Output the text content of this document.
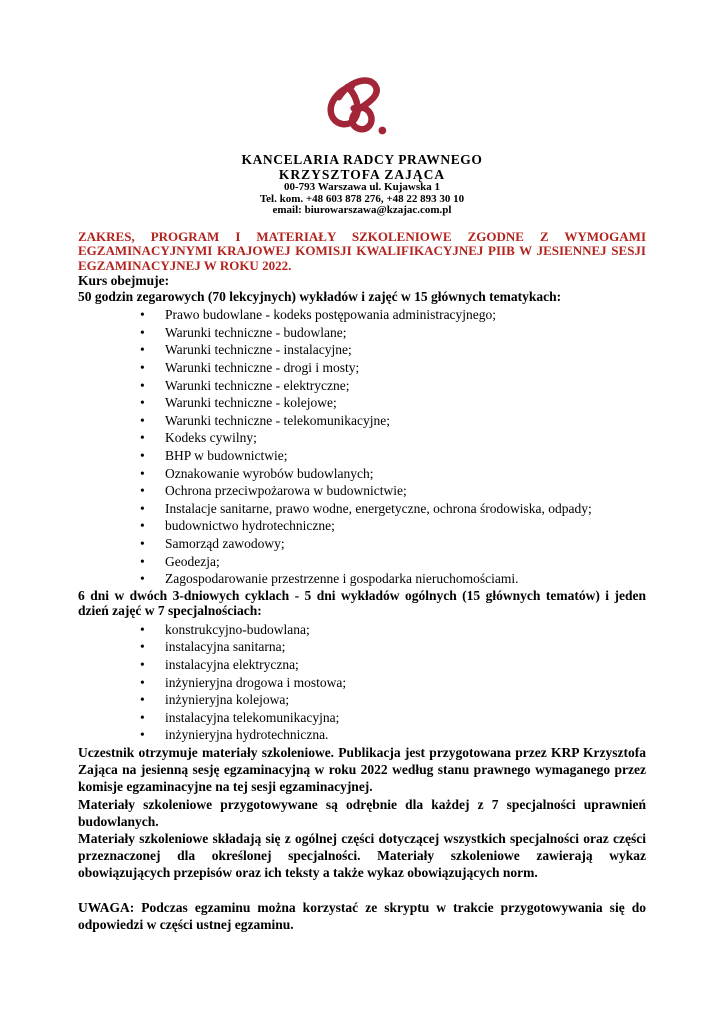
KANCELARIA RADCY PRAWNEGO
KRZYSZTOFA ZAJĄCA
00-793 Warszawa ul. Kujawska 1
Tel. kom. +48 603 878 276, +48 22 893 30 10
email: biurowarszawa@kzajac.com.pl

ZAKRES, PROGRAM I MATERIAŁY SZKOLENIOWE ZGODNE Z WYMOGAMI EGZAMINACYJNYMI KRAJOWEJ KOMISJI KWALIFIKACYJNEJ PIIB W JESIENNEJ SESJI EGZAMINACYJNEJ W ROKU 2022.

Kurs obejmuje:

50 godzin zegarowych (70 lekcyjnych) wykładów i zajęć w 15 głównych tematykach:

• Prawo budowlane - kodeks postępowania administracyjnego;
• Warunki techniczne - budowlane;
• Warunki techniczne - instalacyjne;
• Warunki techniczne - drogi i mosty;
• Warunki techniczne - elektryczne;
• Warunki techniczne - kolejowe;
• Warunki techniczne - telekomunikacyjne;
• Kodeks cywilny;
• BHP w budownictwie;
• Oznakowanie wyrobów budowlanych;
• Ochrona przeciwpożarowa w budownictwie;
• Instalacje sanitarne, prawo wodne, energetyczne, ochrona środowiska, odpady;
• budownictwo hydrotechniczne;
• Samorząd zawodowy;
• Geodezja;
• Zagospodarowanie przestrzenne i gospodarka nieruchomościami.

6 dni w dwóch 3-dniowych cyklach - 5 dni wykładów ogólnych (15 głównych tematów) i jeden dzień zajęć w 7 specjalnościach:

• konstrukcyjno-budowlana;
• instalacyjna sanitarna;
• instalacyjna elektryczna;
• inżynieryjna drogowa i mostowa;
• inżynieryjna kolejowa;
• instalacyjna telekomunikacyjna;
• inżynieryjna hydrotechniczna.

Uczestnik otrzymuje materiały szkoleniowe. Publikacja jest przygotowana przez KRP Krzysztofa Zająca na jesienną sesję egzaminacyjną w roku 2022 według stanu prawnego wymaganego przez komisje egzaminacyjne na tej sesji egzaminacyjnej.

Materiały szkoleniowe przygotowywane są odrębnie dla każdej z 7 specjalności uprawnień budowlanych.

Materiały szkoleniowe składają się z ogólnej części dotyczącej wszystkich specjalności oraz części przeznaczonej dla określonej specjalności. Materiały szkoleniowe zawierają wykaz obowiązujących przepisów oraz ich teksty a także wykaz obowiązujących norm.

UWAGA: Podczas egzaminu można korzystać ze skryptu w trakcie przygotowywania się do odpowiedzi w części ustnej egzaminu.
